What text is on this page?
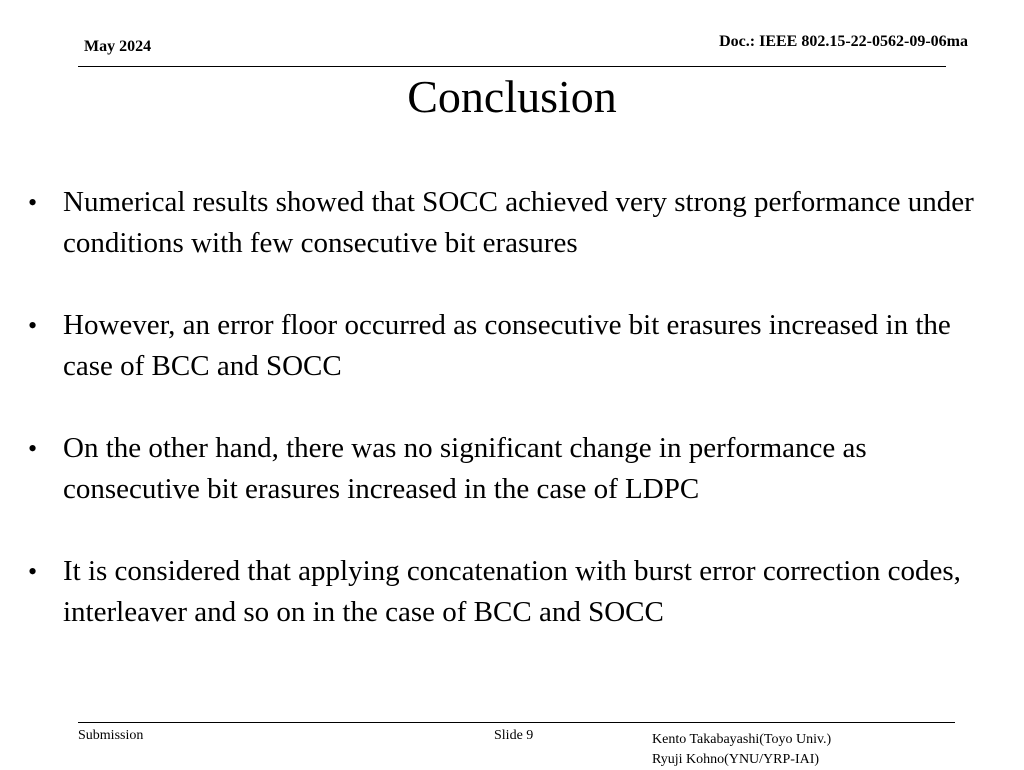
May 2024	Doc.: IEEE 802.15-22-0562-09-06ma
Conclusion
• Numerical results showed that SOCC achieved very strong performance under conditions with few consecutive bit erasures
• However, an error floor occurred as consecutive bit erasures increased in the case of BCC and SOCC
• On the other hand, there was no significant change in performance as consecutive bit erasures increased in the case of LDPC
• It is considered that applying concatenation with burst error correction codes, interleaver and so on in the case of BCC and SOCC
Submission	Slide 9	Kento Takabayashi(Toyo Univ.)
Ryuji Kohno(YNU/YRP-IAI)
